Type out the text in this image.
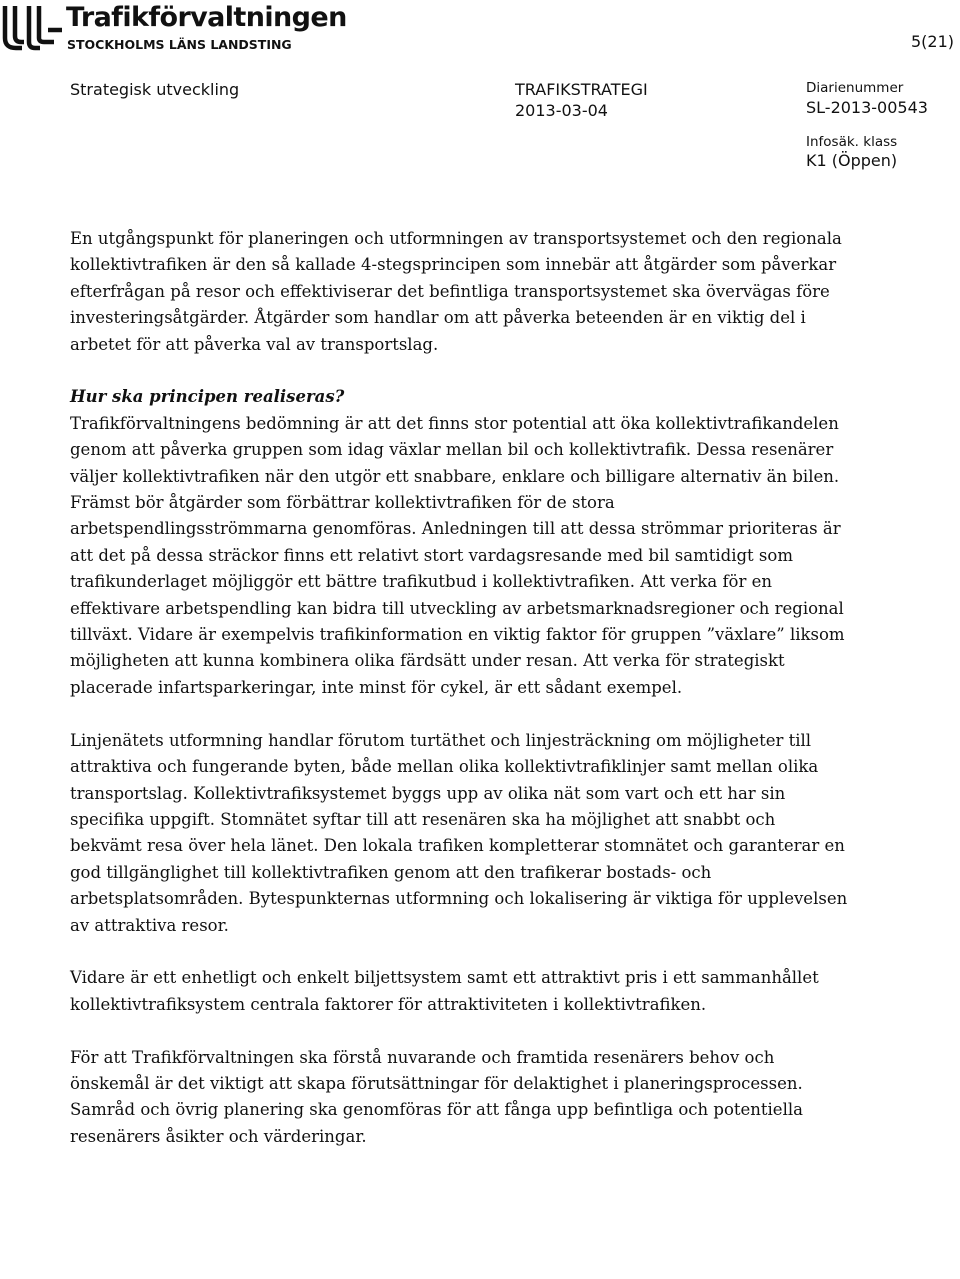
Trafikförvaltningen
STOCKHOLMS LÄNS LANDSTING	5(21)
Strategisk utveckling	TRAFIKSTRATEGI
2013-03-04
Diarienummer
SL-2013-00543
Infosäk. klass
K1 (Öppen)

En utgångspunkt för planeringen och utformningen av transportsystemet och den regionala kollektivtrafiken är den så kallade 4-stegsprincipen som innebär att åtgärder som påverkar efterfrågan på resor och effektiviserar det befintliga transportsystemet ska övervägas före investeringsåtgärder. Åtgärder som handlar om att påverka beteenden är en viktig del i arbetet för att påverka val av transportslag.

Hur ska principen realiseras?

Trafikförvaltningens bedömning är att det finns stor potential att öka kollektivtrafikandelen genom att påverka gruppen som idag växlar mellan bil och kollektivtrafik. Dessa resenärer väljer kollektivtrafiken när den utgör ett snabbare, enklare och billigare alternativ än bilen. Främst bör åtgärder som förbättrar kollektivtrafiken för de stora arbetspendlingsströmmarna genomföras. Anledningen till att dessa strömmar prioriteras är att det på dessa sträckor finns ett relativt stort vardagsresande med bil samtidigt som trafikunderlaget möjliggör ett bättre trafikutbud i kollektivtrafiken. Att verka för en effektivare arbetspendling kan bidra till utveckling av arbetsmarknadsregioner och regional tillväxt. Vidare är exempelvis trafikinformation en viktig faktor för gruppen ”växlare” liksom möjligheten att kunna kombinera olika färdsätt under resan. Att verka för strategiskt placerade infartsparkeringar, inte minst för cykel, är ett sådant exempel.

Linjenätets utformning handlar förutom turtäthet och linjesträckning om möjligheter till attraktiva och fungerande byten, både mellan olika kollektivtrafiklinjer samt mellan olika transportslag. Kollektivtrafiksystemet byggs upp av olika nät som vart och ett har sin specifika uppgift. Stomnätet syftar till att resenären ska ha möjlighet att snabbt och bekvämt resa över hela länet. Den lokala trafiken kompletterar stomnätet och garanterar en god tillgänglighet till kollektivtrafiken genom att den trafikerar bostads- och arbetsplatsområden. Bytespunkternas utformning och lokalisering är viktiga för upplevelsen av attraktiva resor.

Vidare är ett enhetligt och enkelt biljettsystem samt ett attraktivt pris i ett sammanhållet kollektivtrafiksystem centrala faktorer för attraktiviteten i kollektivtrafiken.

För att Trafikförvaltningen ska förstå nuvarande och framtida resenärers behov och önskemål är det viktigt att skapa förutsättningar för delaktighet i planeringsprocessen. Samråd och övrig planering ska genomföras för att fånga upp befintliga och potentiella resenärers åsikter och värderingar.
